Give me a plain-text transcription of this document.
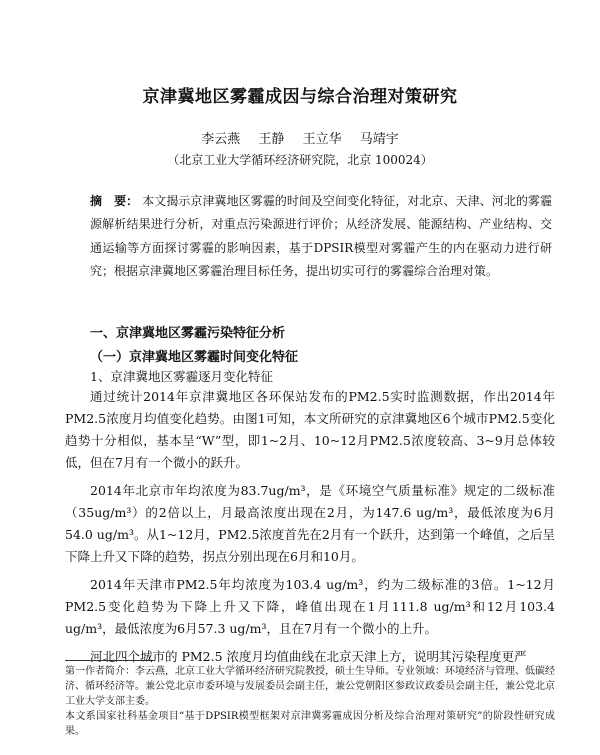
京津冀地区雾霾成因与综合治理对策研究
李云燕 王静 王立华 马靖宇
（北京工业大学循环经济研究院，北京 100024）
摘　要： 本文揭示京津冀地区雾霾的时间及空间变化特征，对北京、天津、河北的雾霾源解析结果进行分析，对重点污染源进行评价；从经济发展、能源结构、产业结构、交通运输等方面探讨雾霾的影响因素，基于DPSIR模型对雾霾产生的内在驱动力进行研究；根据京津冀地区雾霾治理目标任务，提出切实可行的雾霾综合治理对策。
一、京津冀地区雾霾污染特征分析
（一）京津冀地区雾霾时间变化特征
1、京津冀地区雾霾逐月变化特征

通过统计2014年京津冀地区各环保站发布的PM2.5实时监测数据，作出2014年PM2.5浓度月均值变化趋势。由图1可知，本文所研究的京津冀地区6个城市PM2.5变化趋势十分相似，基本呈“W”型，即1~2月、10~12月PM2.5浓度较高、3~9月总体较低，但在7月有一个微小的跃升。

2014年北京市年均浓度为83.7ug/m³，是《环境空气质量标准》规定的二级标准（35ug/m³）的2倍以上，月最高浓度出现在2月，为147.6 ug/m³，最低浓度为6月54.0 ug/m³。从1~12月，PM2.5浓度首先在2月有一个跃升，达到第一个峰值，之后呈下降上升又下降的趋势，拐点分别出现在6月和10月。

2014年天津市PM2.5年均浓度为103.4 ug/m³，约为二级标准的3倍。1~12月PM2.5变化趋势为下降上升又下降，峰值出现在1月111.8 ug/m³和12月103.4 ug/m³，最低浓度为6月57.3 ug/m³，且在7月有一个微小的上升。

河北四个城市的 PM2.5 浓度月均值曲线在北京天津上方，说明其污染程度更严

第一作者简介：李云燕，北京工业大学循环经济研究院教授，硕士生导师。专业领域：环境经济与管理、低碳经济、循环经济等。兼公党北京市委环境与发展委员会副主任，兼公党朝阳区参政议政委员会副主任，兼公党北京工业大学支部主委。

本文系国家社科基金项目“基于DPSIR模型框架对京津冀雾霾成因分析及综合治理对策研究”的阶段性研究成果。
